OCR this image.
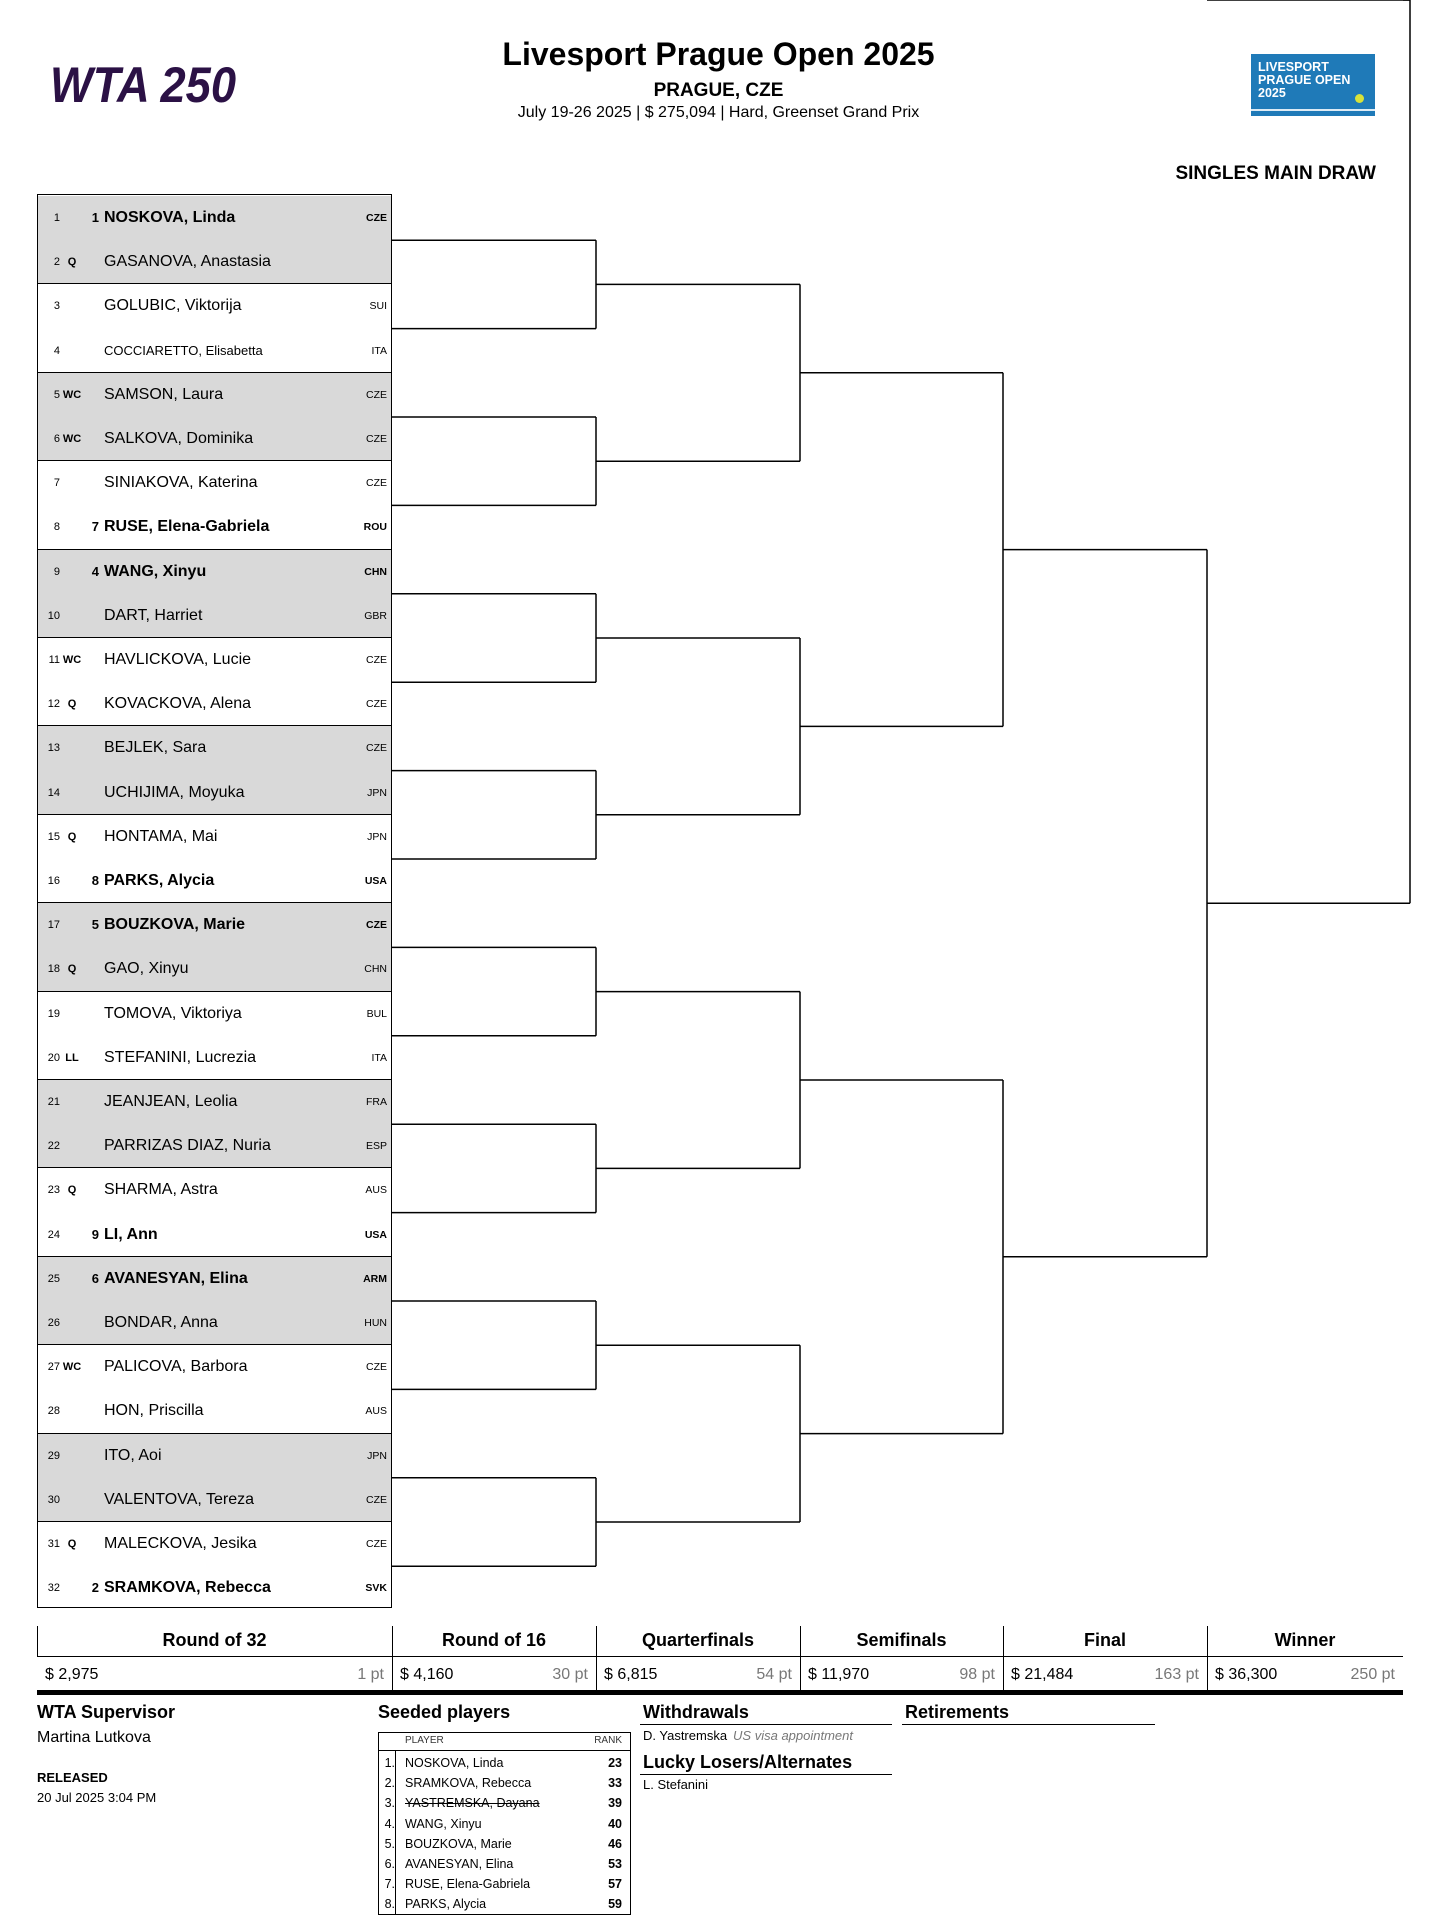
WTA 250
Livesport Prague Open 2025
PRAGUE, CZE
July 19-26 2025 | $ 275,094 | Hard, Greenset Grand Prix
LIVESPORT
PRAGUE OPEN
2025
SINGLES MAIN DRAW
1	1 NOSKOVA, Linda	CZE
2 Q	GASANOVA, Anastasia
3	GOLUBIC, Viktorija	SUI
4	COCCIARETTO, Elisabetta	ITA
5 WC SAMSON, Laura	CZE
6 WC SALKOVA, Dominika	CZE
7	SINIAKOVA, Katerina	CZE
8	7 RUSE, Elena-Gabriela	ROU
9	4 WANG, Xinyu	CHN
10	DART, Harriet	GBR
11 WC HAVLICKOVA, Lucie	CZE
12 Q	KOVACKOVA, Alena	CZE
13	BEJLEK, Sara	CZE
14	UCHIJIMA, Moyuka	JPN
15 Q	HONTAMA, Mai	JPN
16	8 PARKS, Alycia	USA
17	5 BOUZKOVA, Marie	CZE
18 Q	GAO, Xinyu	CHN
19	TOMOVA, Viktoriya	BUL
20 LL	STEFANINI, Lucrezia	ITA
21	JEANJEAN, Leolia	FRA
22	PARRIZAS DIAZ, Nuria	ESP
23 Q	SHARMA, Astra	AUS
24	9 LI, Ann	USA
25	6 AVANESYAN, Elina	ARM
26	BONDAR, Anna	HUN
27 WC PALICOVA, Barbora	CZE
28	HON, Priscilla	AUS
29	ITO, Aoi	JPN
30	VALENTOVA, Tereza	CZE
31 Q	MALECKOVA, Jesika	CZE
32	2 SRAMKOVA, Rebecca	SVK
Round of 32
$ 2,975	1 pt
Round of 16
$ 4,160	30 pt
Quarterfinals
$ 6,815	54 pt
Semifinals
$ 11,970	98 pt
Final
$ 21,484	163 pt
Winner
$ 36,300	250 pt
WTA Supervisor
Martina Lutkova
RELEASED
20 Jul 2025 3:04 PM
Seeded players
PLAYER	RANK
1. NOSKOVA, Linda	23
2. SRAMKOVA, Rebecca	33
3. YASTREMSKA, Dayana	39
4. WANG, Xinyu	40
5. BOUZKOVA, Marie	46
6. AVANESYAN, Elina	53
7. RUSE, Elena-Gabriela	57
8. PARKS, Alycia	59
Withdrawals
D. Yastremska US visa appointment
Lucky Losers/Alternates
L. Stefanini
Retirements
